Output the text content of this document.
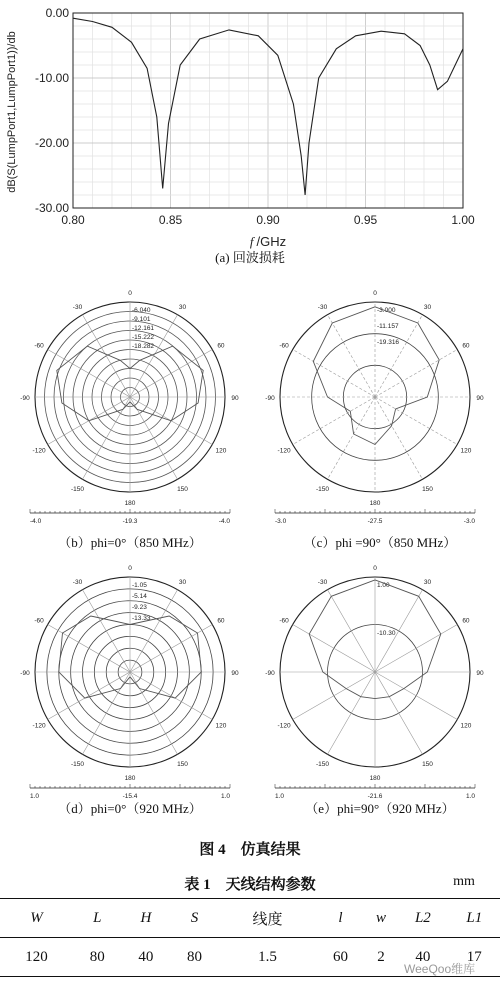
0.00
-10.00
-20.00
-30.00
0.80	0.85	0.90	0.95	1.00
dB(S(LumpPort1,LumpPort1))/db
f /GHz
(a) 回波损耗
0
30
60
90
120
150
180
-150
-120
-90
-60
-30	-6.040
-9.101
-12.161
-15.222
-18.282
-4.0	-19.3	-4.0
0
30
60
90
120
150
180
-150
-120
-90
-60
-30	-3.000
-11.157
-19.316
-3.0	-27.5	-3.0
（b）phi=0°（850 MHz）	（c）phi =90°（850 MHz）
0
30
60
90
120
150
180
-150
-120
-90
-60
-30	-1.05
-5.14
-9.23
-13.33
1.0	-15.4	1.0
0
30
60
90
120
150
180
-150
-120
-90
-60
-30	1.00
-10.30
1.0	-21.6	1.0
（d）phi=0°（920 MHz）	（e）phi=90°（920 MHz）
图 4　仿真结果
表 1　天线结构参数	mm
W	L	H	S	线度	l	w	L2	L1
120	80	40	80	1.5	60	2	40	17
WeeQoo维库
